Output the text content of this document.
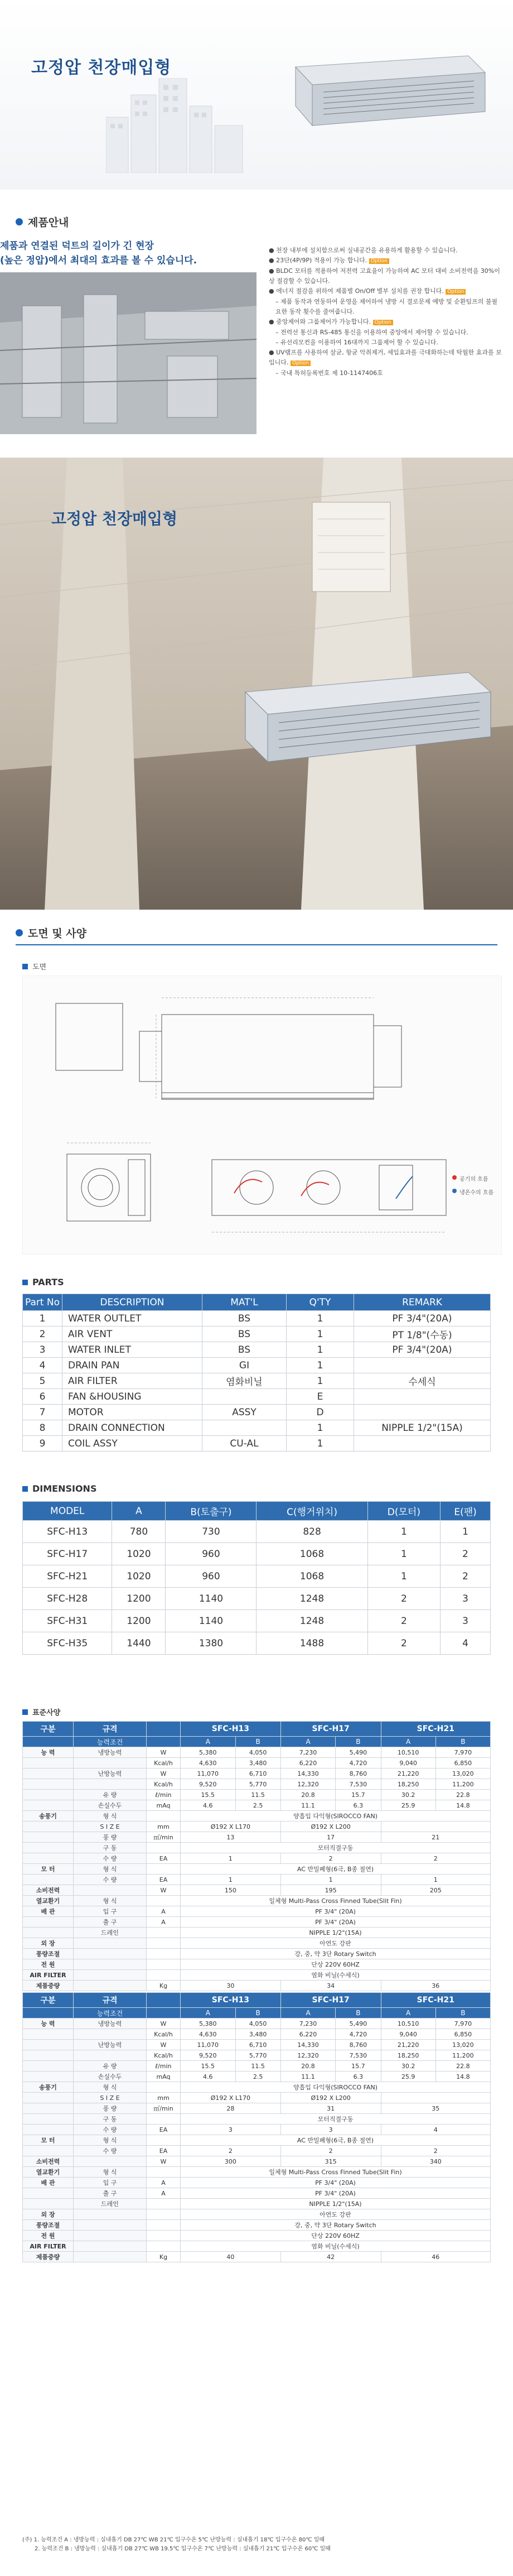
고정압 천장매입형
제품안내
제품과 연결된 덕트의 길이가 긴 현장
(높은 정압)에서 최대의 효과를 볼 수 있습니다.
● 천장 내부에 설치함으로써 실내공간을 유용하게 활용할 수 있습니다.
● 23단(4P/9P) 적용이 가능 합니다. Option
● BLDC 모터를 적용하여 저전력 고효율이 가능하며 AC 모터 대비 소비전력을 30%이상 절감할 수 있습니다.
● 에너지 절감을 위하여 제품별 On/Off 별부 설치를 권장 합니다. Option
– 제품 동작과 연동하여 운영을 제어하여 냉방 시 결로문제 예방 및 순환팀프의 불필요한 동작 횟수를 줄여줍니다.
● 중앙제어와 그룹제어가 가능합니다. Option
– 전력선 통신과 RS-485 통신을 이용하여 중앙에서 제어할 수 있습니다.
– 유선리모컨을 이용하여 16대까지 그룹제어 할 수 있습니다.
● UV램프를 사용하여 살균, 항균 악취제거, 세입효과를 극대화하는데 탁월한 효과를 보입니다. Option
– 국내 특허등록번호 제 10-1147406호
고정압 천장매입형
도면 및 사양
도면
공기의 흐름
냉온수의 흐름
PARTS
Part No	DESCRIPTION	MAT'L	Q'TY	REMARK
1	WATER OUTLET	BS	1	PF 3/4"(20A)
2	AIR VENT	BS	1	PT 1/8"(수동)
3	WATER INLET	BS	1	PF 3/4"(20A)
4	DRAIN PAN	GI	1	
5	AIR FILTER	염화비닐	1	수세식
6	FAN &HOUSING		E	
7	MOTOR	ASSY	D	
8	DRAIN CONNECTION		1	NIPPLE 1/2"(15A)
9	COIL ASSY	CU-AL	1	
DIMENSIONS
MODEL	A	B(토출구)	C(행거위치)	D(모터)	E(팬)
SFC-H13	780	730	828	1	1
SFC-H17	1020	960	1068	1	2
SFC-H21	1020	960	1068	1	2
SFC-H28	1200	1140	1248	2	3
SFC-H31	1200	1140	1248	2	3
SFC-H35	1440	1380	1488	2	4
표준사양
구분	규격		SFC-H13		SFC-H17		SFC-H21	
	능력조건		A	B	A	B	A	B
능 력	냉방능력	W	5,380	4,050	7,230	5,490	10,510	7,970
		Kcal/h	4,630	3,480	6,220	4,720	9,040	6,850
	난방능력	W	11,070	6,710	14,330	8,760	21,220	13,020
		Kcal/h	9,520	5,770	12,320	7,530	18,250	11,200
	유 량	ℓ/min	15.5	11.5	20.8	15.7	30.2	22.8
	손실수두	mAq	4.6	2.5	11.1	6.3	25.9	14.8
송풍기	형 식		양흡입 다익형(SIROCCO FAN)					
	S I Z E	mm	Ø192 X L170		Ø192 X L200			
	풍 량	㎥/min	13		17		21	
	구 동		모터직결구동					
	수 량	EA	1		2		2	
모 터	형 식		AC 반밀폐형(6극, B종 절연)					
	수 량	EA	1		1		1	
소비전력		W	150		195		205	
열교환기	형 식		일체형 Multi-Pass Cross Finned Tube(Slit Fin)					
배 관	입 구	A	PF 3/4" (20A)					
	출 구	A	PF 3/4" (20A)					
	드레인		NIPPLE 1/2"(15A)					
외 장			아연도 강판					
풍량조절			강, 중, 약 3단 Rotary Switch					
전 원			단상 220V 60HZ					
AIR FILTER			염화 비닐(수세식)					
제품중량		Kg	30		34		36	
구분	규격		SFC-H13		SFC-H17		SFC-H21	
	능력조건		A	B	A	B	A	B
능 력	냉방능력	W	5,380	4,050	7,230	5,490	10,510	7,970
		Kcal/h	4,630	3,480	6,220	4,720	9,040	6,850
	난방능력	W	11,070	6,710	14,330	8,760	21,220	13,020
		Kcal/h	9,520	5,770	12,320	7,530	18,250	11,200
	유 량	ℓ/min	15.5	11.5	20.8	15.7	30.2	22.8
	손실수두	mAq	4.6	2.5	11.1	6.3	25.9	14.8
송풍기	형 식		양흡입 다익형(SIROCCO FAN)					
	S I Z E	mm	Ø192 X L170		Ø192 X L200			
	풍 량	㎥/min	28		31		35	
	구 동		모터직결구동					
	수 량	EA	3		3		4	
모 터	형 식		AC 반밀폐형(6극, B종 절연)					
	수 량	EA	2		2		2	
소비전력		W	300		315		340	
열교환기	형 식		일체형 Multi-Pass Cross Finned Tube(Slit Fin)					
배 관	입 구	A	PF 3/4" (20A)					
	출 구	A	PF 3/4" (20A)					
	드레인		NIPPLE 1/2"(15A)					
외 장			아연도 강판					
풍량조절			강, 중, 약 3단 Rotary Switch					
전 원			단상 220V 60HZ					
AIR FILTER			염화 비닐(수세식)					
제품중량		Kg	40		42		46	
(주) 1. 능력조건 A : 냉방능력 : 실내흡기 DB 27℃ WB 21℃ 입구수온 5℃ 난방능력 : 실내흡기 18℃ 입구수온 80℃ 일때
2. 능력조건 B : 냉방능력 : 실내흡기 DB 27℃ WB 19.5℃ 입구수온 7℃ 난방능력 : 실내흡기 21℃ 입구수온 60℃ 일때
